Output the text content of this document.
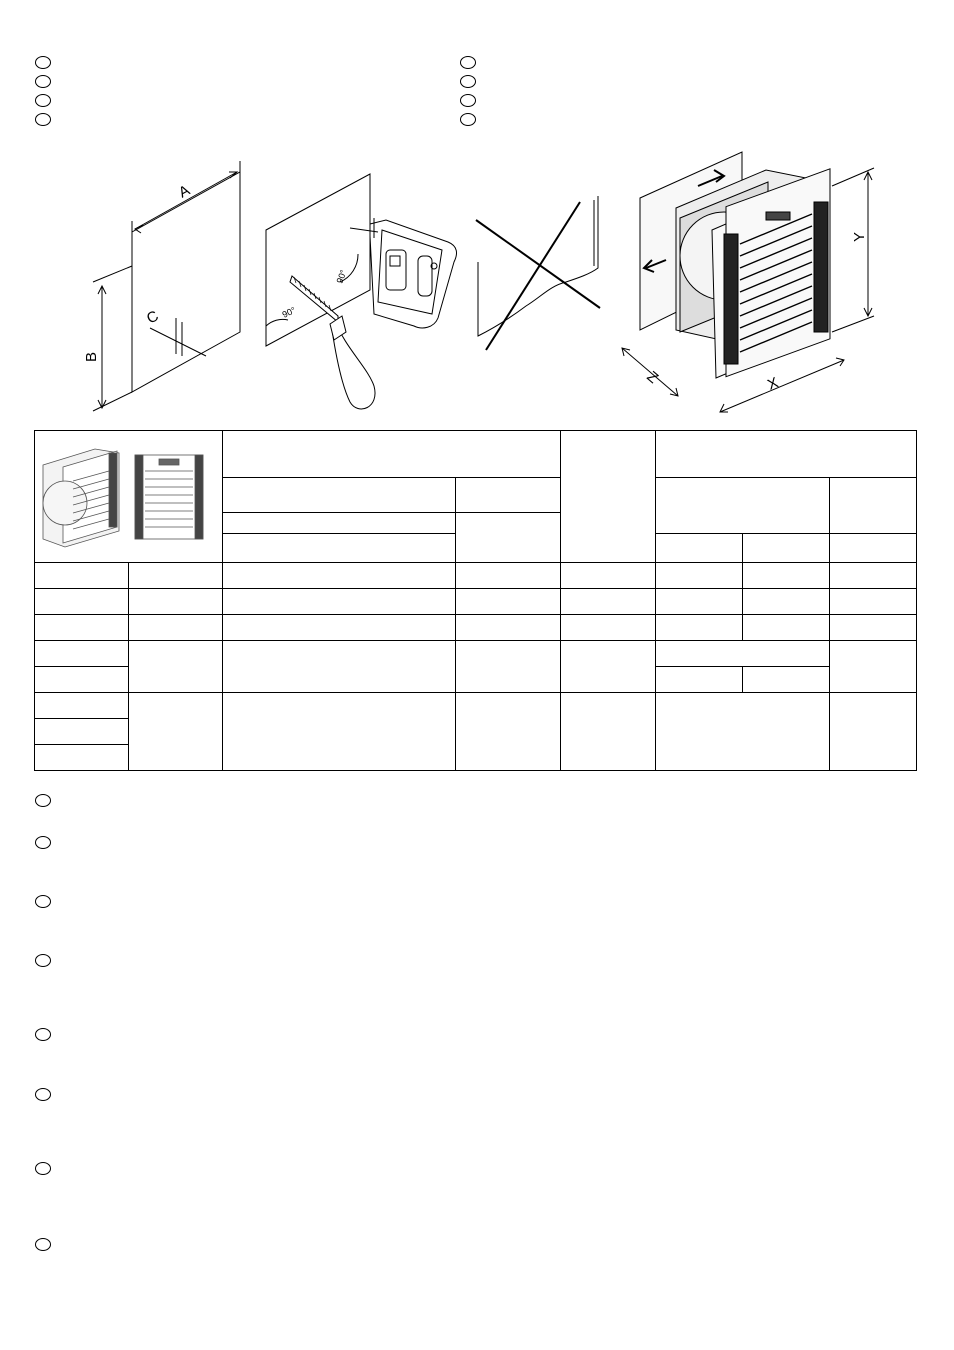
A
B
C	90°
90°
Z	X
Y
